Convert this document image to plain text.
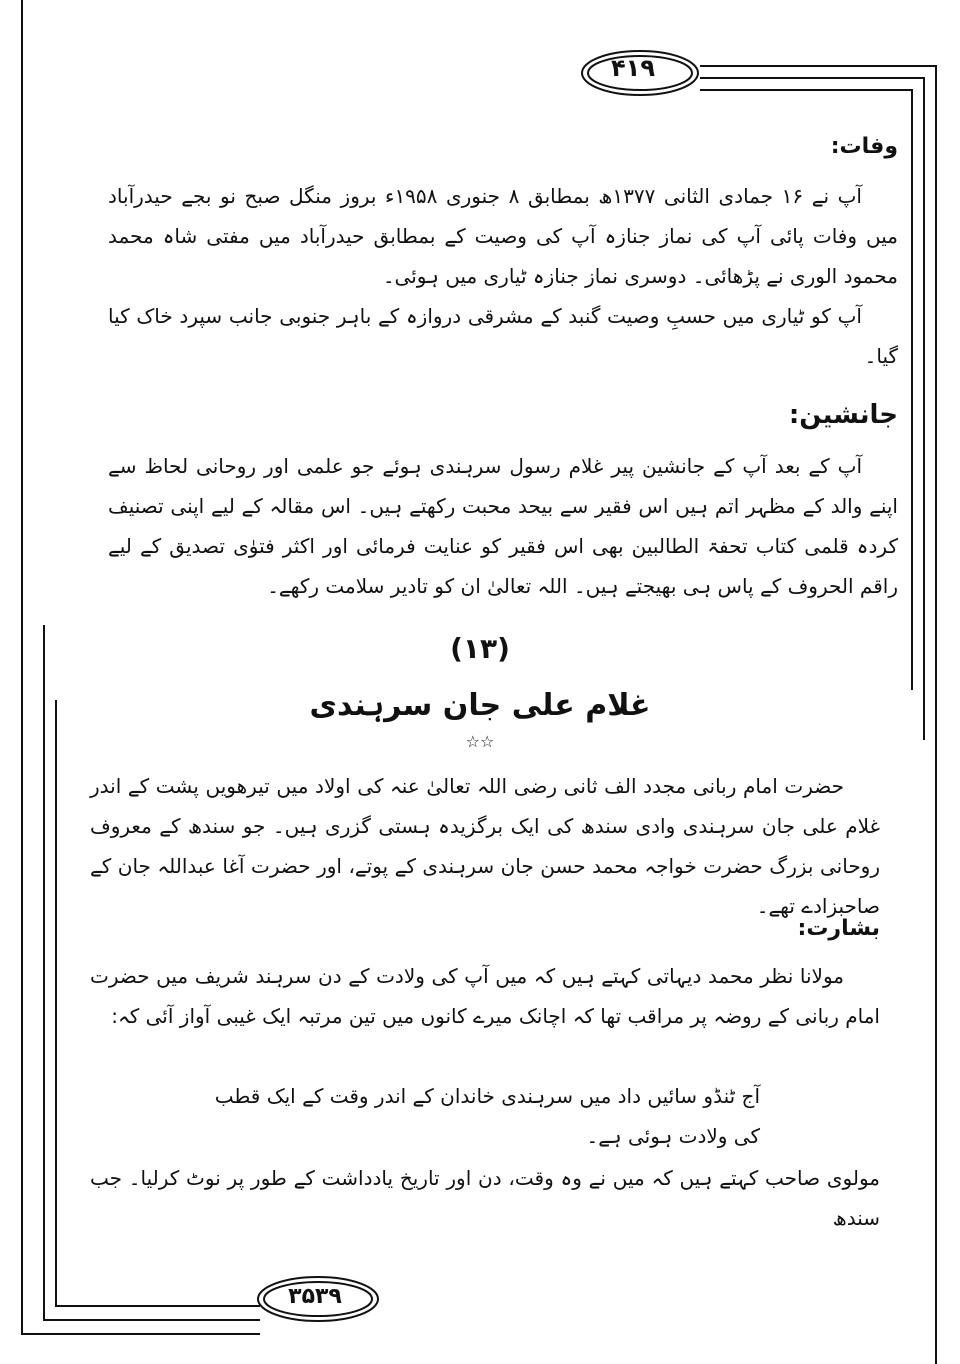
۴۱۹
۳۵۳۹
وفات:

آپ نے ۱۶ جمادی الثانی ۱۳۷۷ھ بمطابق ۸ جنوری ۱۹۵۸ء بروز منگل صبح نو بجے حیدرآباد میں وفات پائی آپ کی نماز جنازہ آپ کی وصیت کے بمطابق حیدرآباد میں مفتی شاہ محمد محمود الوری نے پڑھائی۔ دوسری نماز جنازہ ٹیاری میں ہوئی۔

آپ کو ٹیاری میں حسبِ وصیت گنبد کے مشرقی دروازہ کے باہر جنوبی جانب سپرد خاک کیا گیا۔

جانشین:

آپ کے بعد آپ کے جانشین پیر غلام رسول سرہندی ہوئے جو علمی اور روحانی لحاظ سے اپنے والد کے مظہر اتم ہیں اس فقیر سے بیحد محبت رکھتے ہیں۔ اس مقالہ کے لیے اپنی تصنیف کردہ قلمی کتاب تحفۃ الطالبین بھی اس فقیر کو عنایت فرمائی اور اکثر فتوٰی تصدیق کے لیے راقم الحروف کے پاس ہی بھیجتے ہیں۔ اللہ تعالیٰ ان کو تادیر سلامت رکھے۔

(۱۳)
غلام علی جان سرہندی
☆☆

حضرت امام ربانی مجدد الف ثانی رضی اللہ تعالیٰ عنہ کی اولاد میں تیرھویں پشت کے اندر غلام علی جان سرہندی وادی سندھ کی ایک برگزیدہ ہستی گزری ہیں۔ جو سندھ کے معروف روحانی بزرگ حضرت خواجہ محمد حسن جان سرہندی کے پوتے، اور حضرت آغا عبداللہ جان کے صاحبزادے تھے۔

بشارت:

مولانا نظر محمد دیہاتی کہتے ہیں کہ میں آپ کی ولادت کے دن سرہند شریف میں حضرت امام ربانی کے روضہ پر مراقب تھا کہ اچانک میرے کانوں میں تین مرتبہ ایک غیبی آواز آئی کہ:

آج ٹنڈو سائیں داد میں سرہندی خاندان کے اندر وقت کے ایک قطب

کی ولادت ہوئی ہے۔

مولوی صاحب کہتے ہیں کہ میں نے وہ وقت، دن اور تاریخ یادداشت کے طور پر نوٹ کرلیا۔ جب سندھ
